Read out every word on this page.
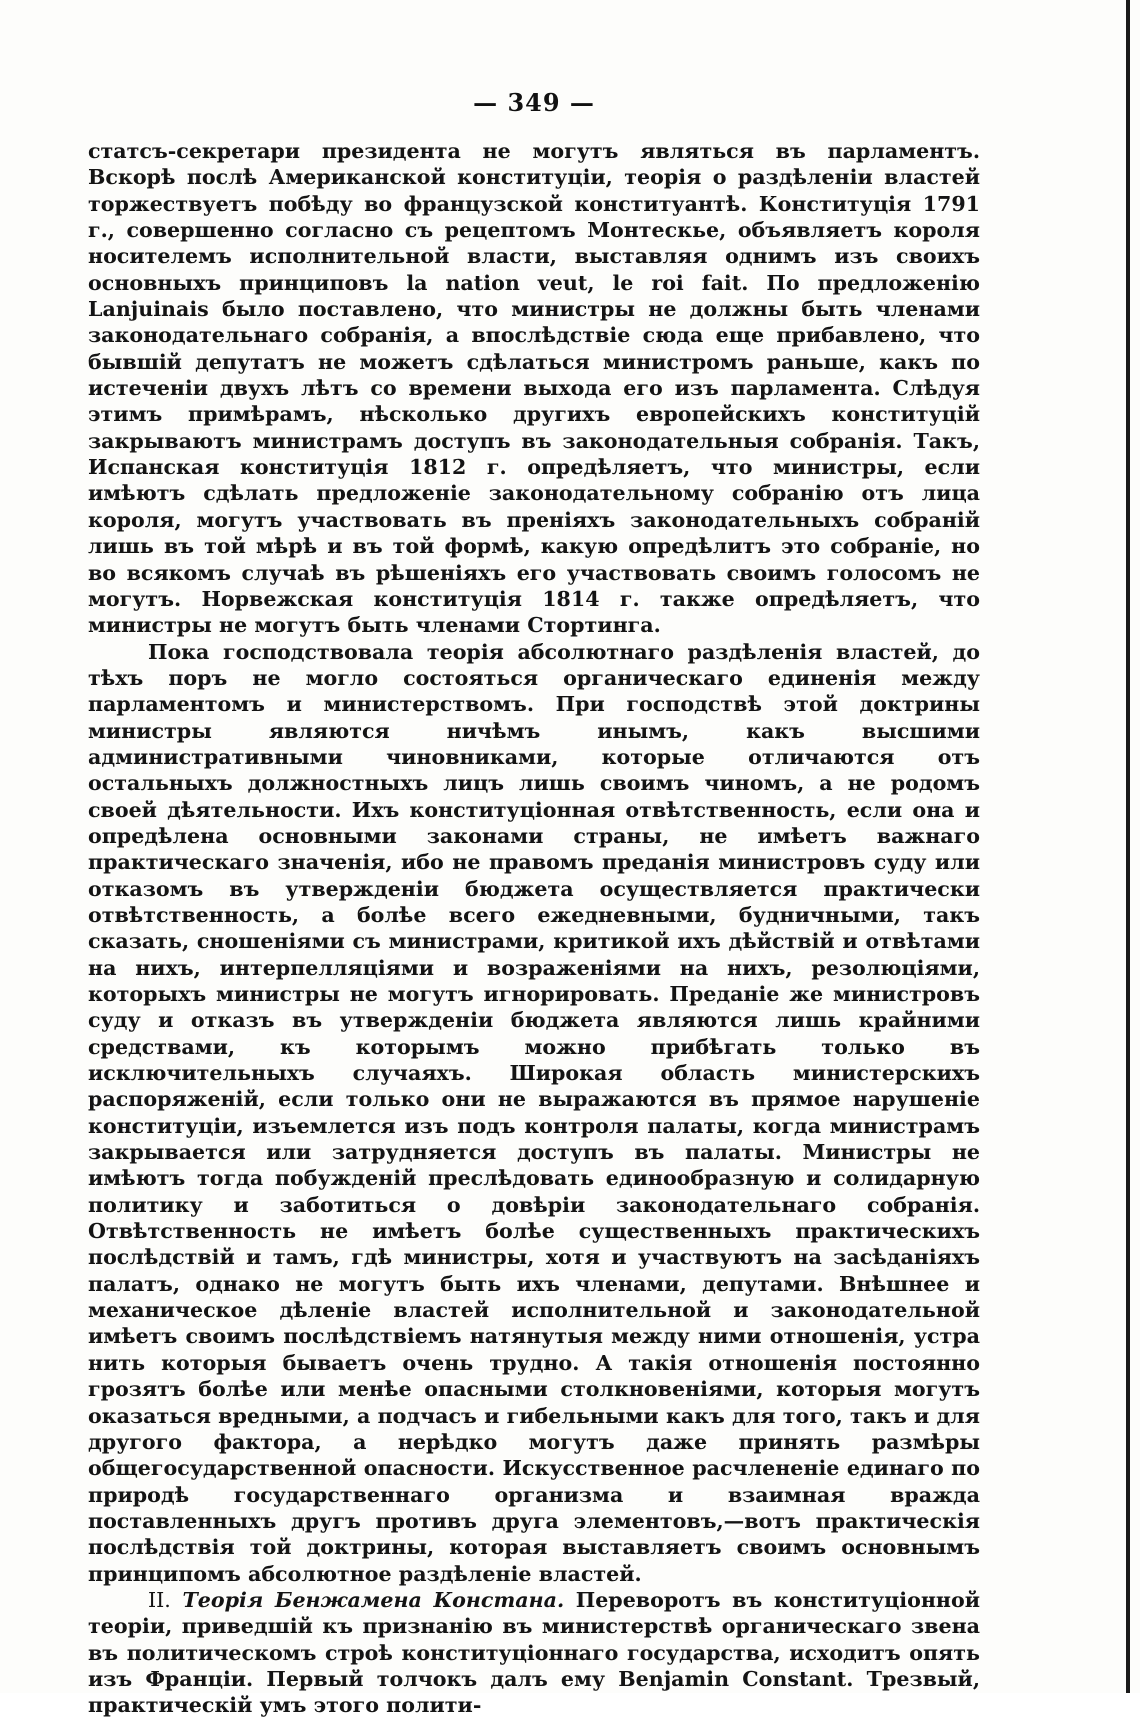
— 349 —

статсъ-секретари президента не могутъ являться въ парламентъ. Вскорѣ послѣ Американской конституціи, теорія о раздѣленіи властей торжествуетъ побѣду во французской конституантѣ. Конституція 1791 г., совершенно согласно съ рецептомъ Монтескье, объявляетъ короля носителемъ исполнительной власти, выставляя однимъ изъ своихъ основныхъ принциповъ la nation veut, le roi fait. По предложенію Lanjuinais было поставлено, что министры не должны быть членами законодательнаго собранія, а впослѣдствіе сюда еще прибавлено, что бывшій депутатъ не можетъ сдѣлаться министромъ раньше, какъ по истеченіи двухъ лѣтъ со времени выхода его изъ парламента. Слѣдуя этимъ примѣрамъ, нѣсколько другихъ европейскихъ конституцій закрываютъ министрамъ доступъ въ законодательныя собранія. Такъ, Испанская конституція 1812 г. опредѣляетъ, что министры, если имѣютъ сдѣлать предложеніе законодательному собранію отъ лица короля, могутъ участвовать въ преніяхъ законодательныхъ собраній лишь въ той мѣрѣ и въ той формѣ, какую опредѣлитъ это собраніе, но во всякомъ случаѣ въ рѣшеніяхъ его участвовать своимъ голосомъ не могутъ. Норвежская конституція 1814 г. также опредѣляетъ, что министры не могутъ быть членами Стортинга.

Пока господствовала теорія абсолютнаго раздѣленія властей, до тѣхъ поръ не могло состояться органическаго единенія между парламентомъ и министерствомъ. При господствѣ этой доктрины министры являются ничѣмъ инымъ, какъ высшими административными чиновниками, которые отличаются отъ остальныхъ должностныхъ лицъ лишь своимъ чиномъ, а не родомъ своей дѣятельности. Ихъ конституціонная отвѣтственность, если она и опредѣлена основными законами страны, не имѣетъ важнаго практическаго значенія, ибо не правомъ преданія министровъ суду или отказомъ въ утвержденіи бюджета осуществляется практически отвѣтственность, а болѣе всего ежедневными, будничными, такъ сказать, сношеніями съ министрами, критикой ихъ дѣйствій и отвѣтами на нихъ, интерпелляціями и возраженіями на нихъ, резолюціями, которыхъ министры не могутъ игнорировать. Преданіе же министровъ суду и отказъ въ утвержденіи бюджета являются лишь крайними средствами, къ которымъ можно прибѣгать только въ исключительныхъ случаяхъ. Широкая область министерскихъ распоряженій, если только они не выражаются въ прямое нарушеніе конституціи, изъемлется изъ подъ контроля палаты, когда министрамъ закрывается или затрудняется доступъ въ палаты. Министры не имѣютъ тогда побужденій преслѣдовать единообразную и солидарную политику и заботиться о довѣріи законодательнаго собранія. Отвѣтственность не имѣетъ болѣе существенныхъ практическихъ послѣдствій и тамъ, гдѣ министры, хотя и участвуютъ на засѣданіяхъ палатъ, однако не могутъ быть ихъ членами, депутами. Внѣшнее и механическое дѣленіе властей исполнительной и законодательной имѣетъ своимъ послѣдствіемъ натянутыя между ними отношенія, устра нить которыя бываетъ очень трудно. А такія отношенія постоянно грозятъ болѣе или менѣе опасными столкновеніями, которыя могутъ оказаться вредными, а подчасъ и гибельными какъ для того, такъ и для другого фактора, а нерѣдко могутъ даже принять размѣры общегосударственной опасности. Искусственное расчлененіе единаго по природѣ государственнаго организма и взаимная вражда поставленныхъ другъ противъ друга элементовъ,—вотъ практическія послѣдствія той доктрины, которая выставляетъ своимъ основнымъ принципомъ абсолютное раздѣленіе властей.

II. Теорія Бенжамена Констана. Переворотъ въ конституціонной теоріи, приведшій къ признанію въ министерствѣ органическаго звена въ политическомъ строѣ конституціоннаго государства, исходитъ опять изъ Франціи. Первый толчокъ далъ ему Benjamin Constant. Трезвый, практическій умъ этого полити-
